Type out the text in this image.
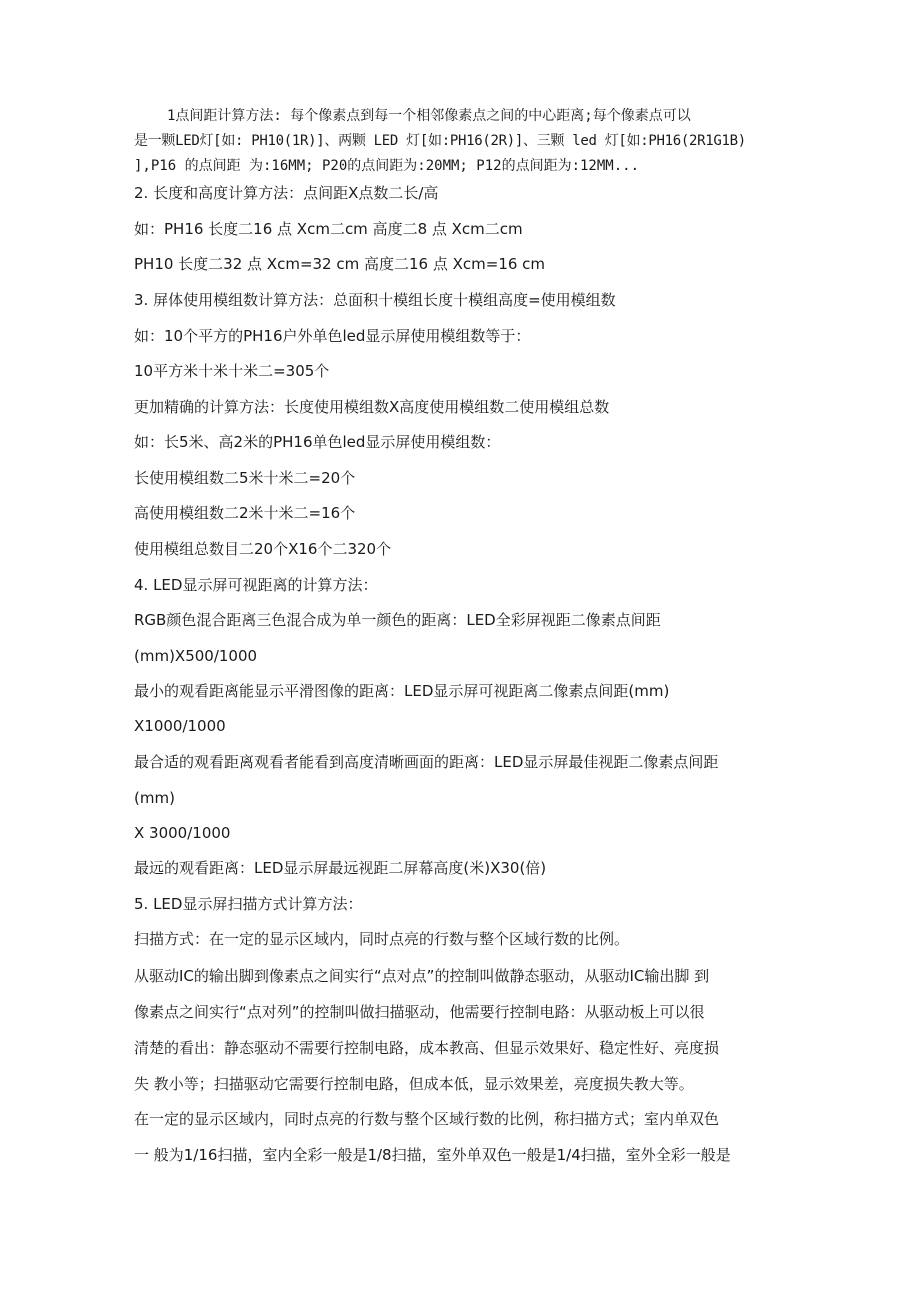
1点间距计算方法: 每个像素点到每一个相邻像素点之间的中心距离;每个像素点可以
是一颗LED灯[如: PH10(1R)]、两颗 LED 灯[如:PH16(2R)]、三颗 led 灯[如:PH16(2R1G1B)
],P16 的点间距 为:16MM; P20的点间距为:20MM; P12的点间距为:12MM...

2. 长度和高度计算方法：点间距X点数二长/高

如：PH16 长度二16 点 Xcm二cm 高度二8 点 Xcm二cm

PH10 长度二32 点 Xcm=32 cm 高度二16 点 Xcm=16 cm

3. 屏体使用模组数计算方法：总面积十模组长度十模组高度=使用模组数

如：10个平方的PH16户外单色led显示屏使用模组数等于：

10平方米十米十米二=305个

更加精确的计算方法：长度使用模组数X高度使用模组数二使用模组总数

如：长5米、高2米的PH16单色led显示屏使用模组数：

长使用模组数二5米十米二=20个

高使用模组数二2米十米二=16个

使用模组总数目二20个X16个二320个

4. LED显示屏可视距离的计算方法：

RGB颜色混合距离三色混合成为单一颜色的距离：LED全彩屏视距二像素点间距

(mm)X500/1000

最小的观看距离能显示平滑图像的距离：LED显示屏可视距离二像素点间距(mm)

X1000/1000

最合适的观看距离观看者能看到高度清晰画面的距离：LED显示屏最佳视距二像素点间距

(mm)

X 3000/1000

最远的观看距离：LED显示屏最远视距二屏幕高度(米)X30(倍)

5. LED显示屏扫描方式计算方法：

扫描方式：在一定的显示区域内，同时点亮的行数与整个区域行数的比例。

从驱动IC的输出脚到像素点之间实行“点对点”的控制叫做静态驱动，从驱动IC输出脚 到

像素点之间实行“点对列”的控制叫做扫描驱动，他需要行控制电路：从驱动板上可以很

清楚的看出：静态驱动不需要行控制电路，成本教高、但显示效果好、稳定性好、亮度损

失 教小等；扫描驱动它需要行控制电路，但成本低，显示效果差，亮度损失教大等。

在一定的显示区域内，同时点亮的行数与整个区域行数的比例，称扫描方式；室内单双色

一 般为1/16扫描，室内全彩一般是1/8扫描，室外单双色一般是1/4扫描，室外全彩一般是
